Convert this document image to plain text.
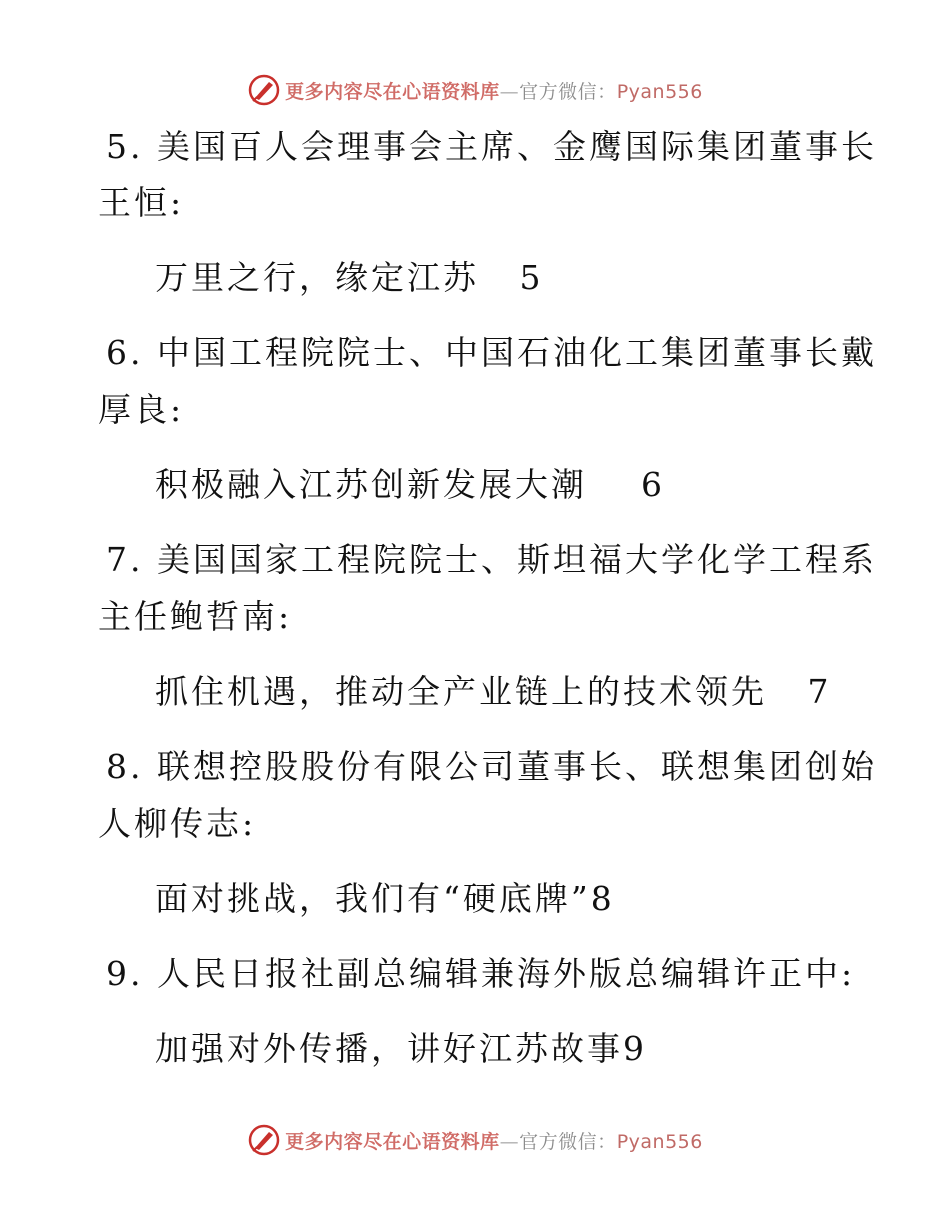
更多内容尽在心语资料库—官方微信：Pyan556
5. 美国百人会理事会主席、金鹰国际集团董事长
王恒:
万里之行，缘定江苏 5
6. 中国工程院院士、中国石油化工集团董事长戴
厚良:
积极融入江苏创新发展大潮 6
7. 美国国家工程院院士、斯坦福大学化学工程系
主任鲍哲南:
抓住机遇，推动全产业链上的技术领先 7
8. 联想控股股份有限公司董事长、联想集团创始
人柳传志:
面对挑战，我们有“硬底牌”8
9. 人民日报社副总编辑兼海外版总编辑许正中:
加强对外传播，讲好江苏故事9
更多内容尽在心语资料库—官方微信：Pyan556
